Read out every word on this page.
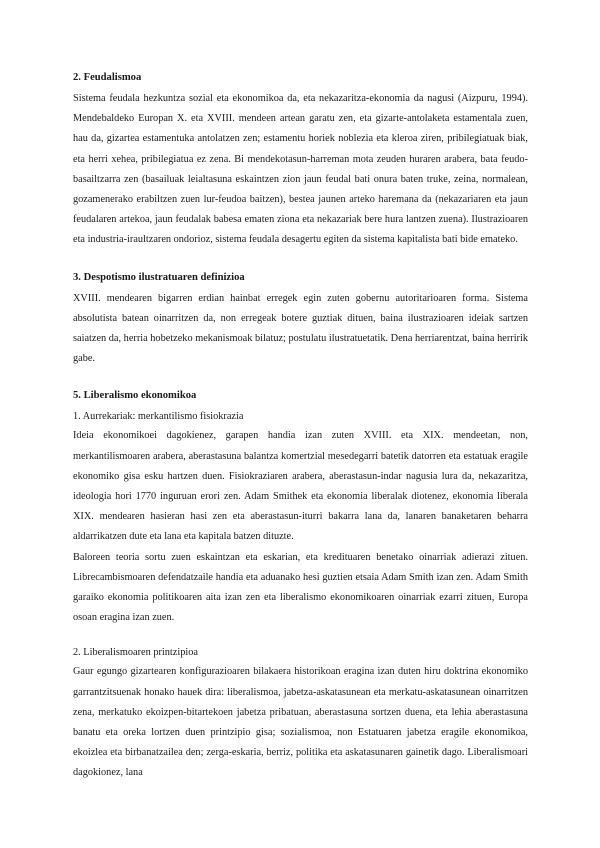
2. Feudalismoa

Sistema feudala hezkuntza sozial eta ekonomikoa da, eta nekazaritza-ekonomia da nagusi (Aizpuru, 1994). Mendebaldeko Europan X. eta XVIII. mendeen artean garatu zen, eta gizarte-antolaketa estamentala zuen, hau da, gizartea estamentuka antolatzen zen; estamentu horiek noblezia eta kleroa ziren, pribilegiatuak biak, eta herri xehea, pribilegiatua ez zena. Bi mendekotasun-harreman mota zeuden huraren arabera, bata feudo-basailtzarra zen (basailuak leialtasuna eskaintzen zion jaun feudal bati onura baten truke, zeina, normalean, gozamenerako erabiltzen zuen lur-feudoa baitzen), bestea jaunen arteko haremana da (nekazariaren eta jaun feudalaren artekoa, jaun feudalak babesa ematen ziona eta nekazariak bere hura lantzen zuena). Ilustrazioaren eta industria-iraultzaren ondorioz, sistema feudala desagertu egiten da sistema kapitalista bati bide emateko.

3. Despotismo ilustratuaren definizioa

XVIII. mendearen bigarren erdian hainbat erregek egin zuten gobernu autoritarioaren forma. Sistema absolutista batean oinarritzen da, non erregeak botere guztiak dituen, baina ilustrazioaren ideiak sartzen saiatzen da, herria hobetzeko mekanismoak bilatuz; postulatu ilustratuetatik. Dena herriarentzat, baina herririk gabe.

5. Liberalismo ekonomikoa
1. Aurrekariak: merkantilismo fisiokrazia

Ideia ekonomikoei dagokienez, garapen handia izan zuten XVIII. eta XIX. mendeetan, non, merkantilismoaren arabera, aberastasuna balantza komertzial mesedegarri batetik datorren eta estatuak eragile ekonomiko gisa esku hartzen duen. Fisiokraziaren arabera, aberastasun-indar nagusia lura da, nekazaritza, ideologia hori 1770 inguruan erori zen. Adam Smithek eta ekonomia liberalak diotenez, ekonomia liberala XIX. mendearen hasieran hasi zen eta aberastasun-iturri bakarra lana da, lanaren banaketaren beharra aldarrikatzen dute eta lana eta kapitala batzen dituzte.

Baloreen teoria sortu zuen eskaintzan eta eskarian, eta kredituaren benetako oinarriak adierazi zituen. Librecambismoaren defendatzaile handia eta aduanako hesi guztien etsaia Adam Smith izan zen. Adam Smith garaiko ekonomia politikoaren aita izan zen eta liberalismo ekonomikoaren oinarriak ezarri zituen, Europa osoan eragina izan zuen.

2. Liberalismoaren printzipioa

Gaur egungo gizartearen konfigurazioaren bilakaera historikoan eragina izan duten hiru doktrina ekonomiko garrantzitsuenak honako hauek dira: liberalismoa, jabetza-askatasunean eta merkatu-askatasunean oinarritzen zena, merkatuko ekoizpen-bitartekoen jabetza pribatuan, aberastasuna sortzen duena, eta lehia aberastasuna banatu eta oreka lortzen duen printzipio gisa; sozialismoa, non Estatuaren jabetza eragile ekonomikoa, ekoizlea eta birbanatzailea den; zerga-eskaria, berriz, politika eta askatasunaren gainetik dago. Liberalismoari dagokionez, lana
